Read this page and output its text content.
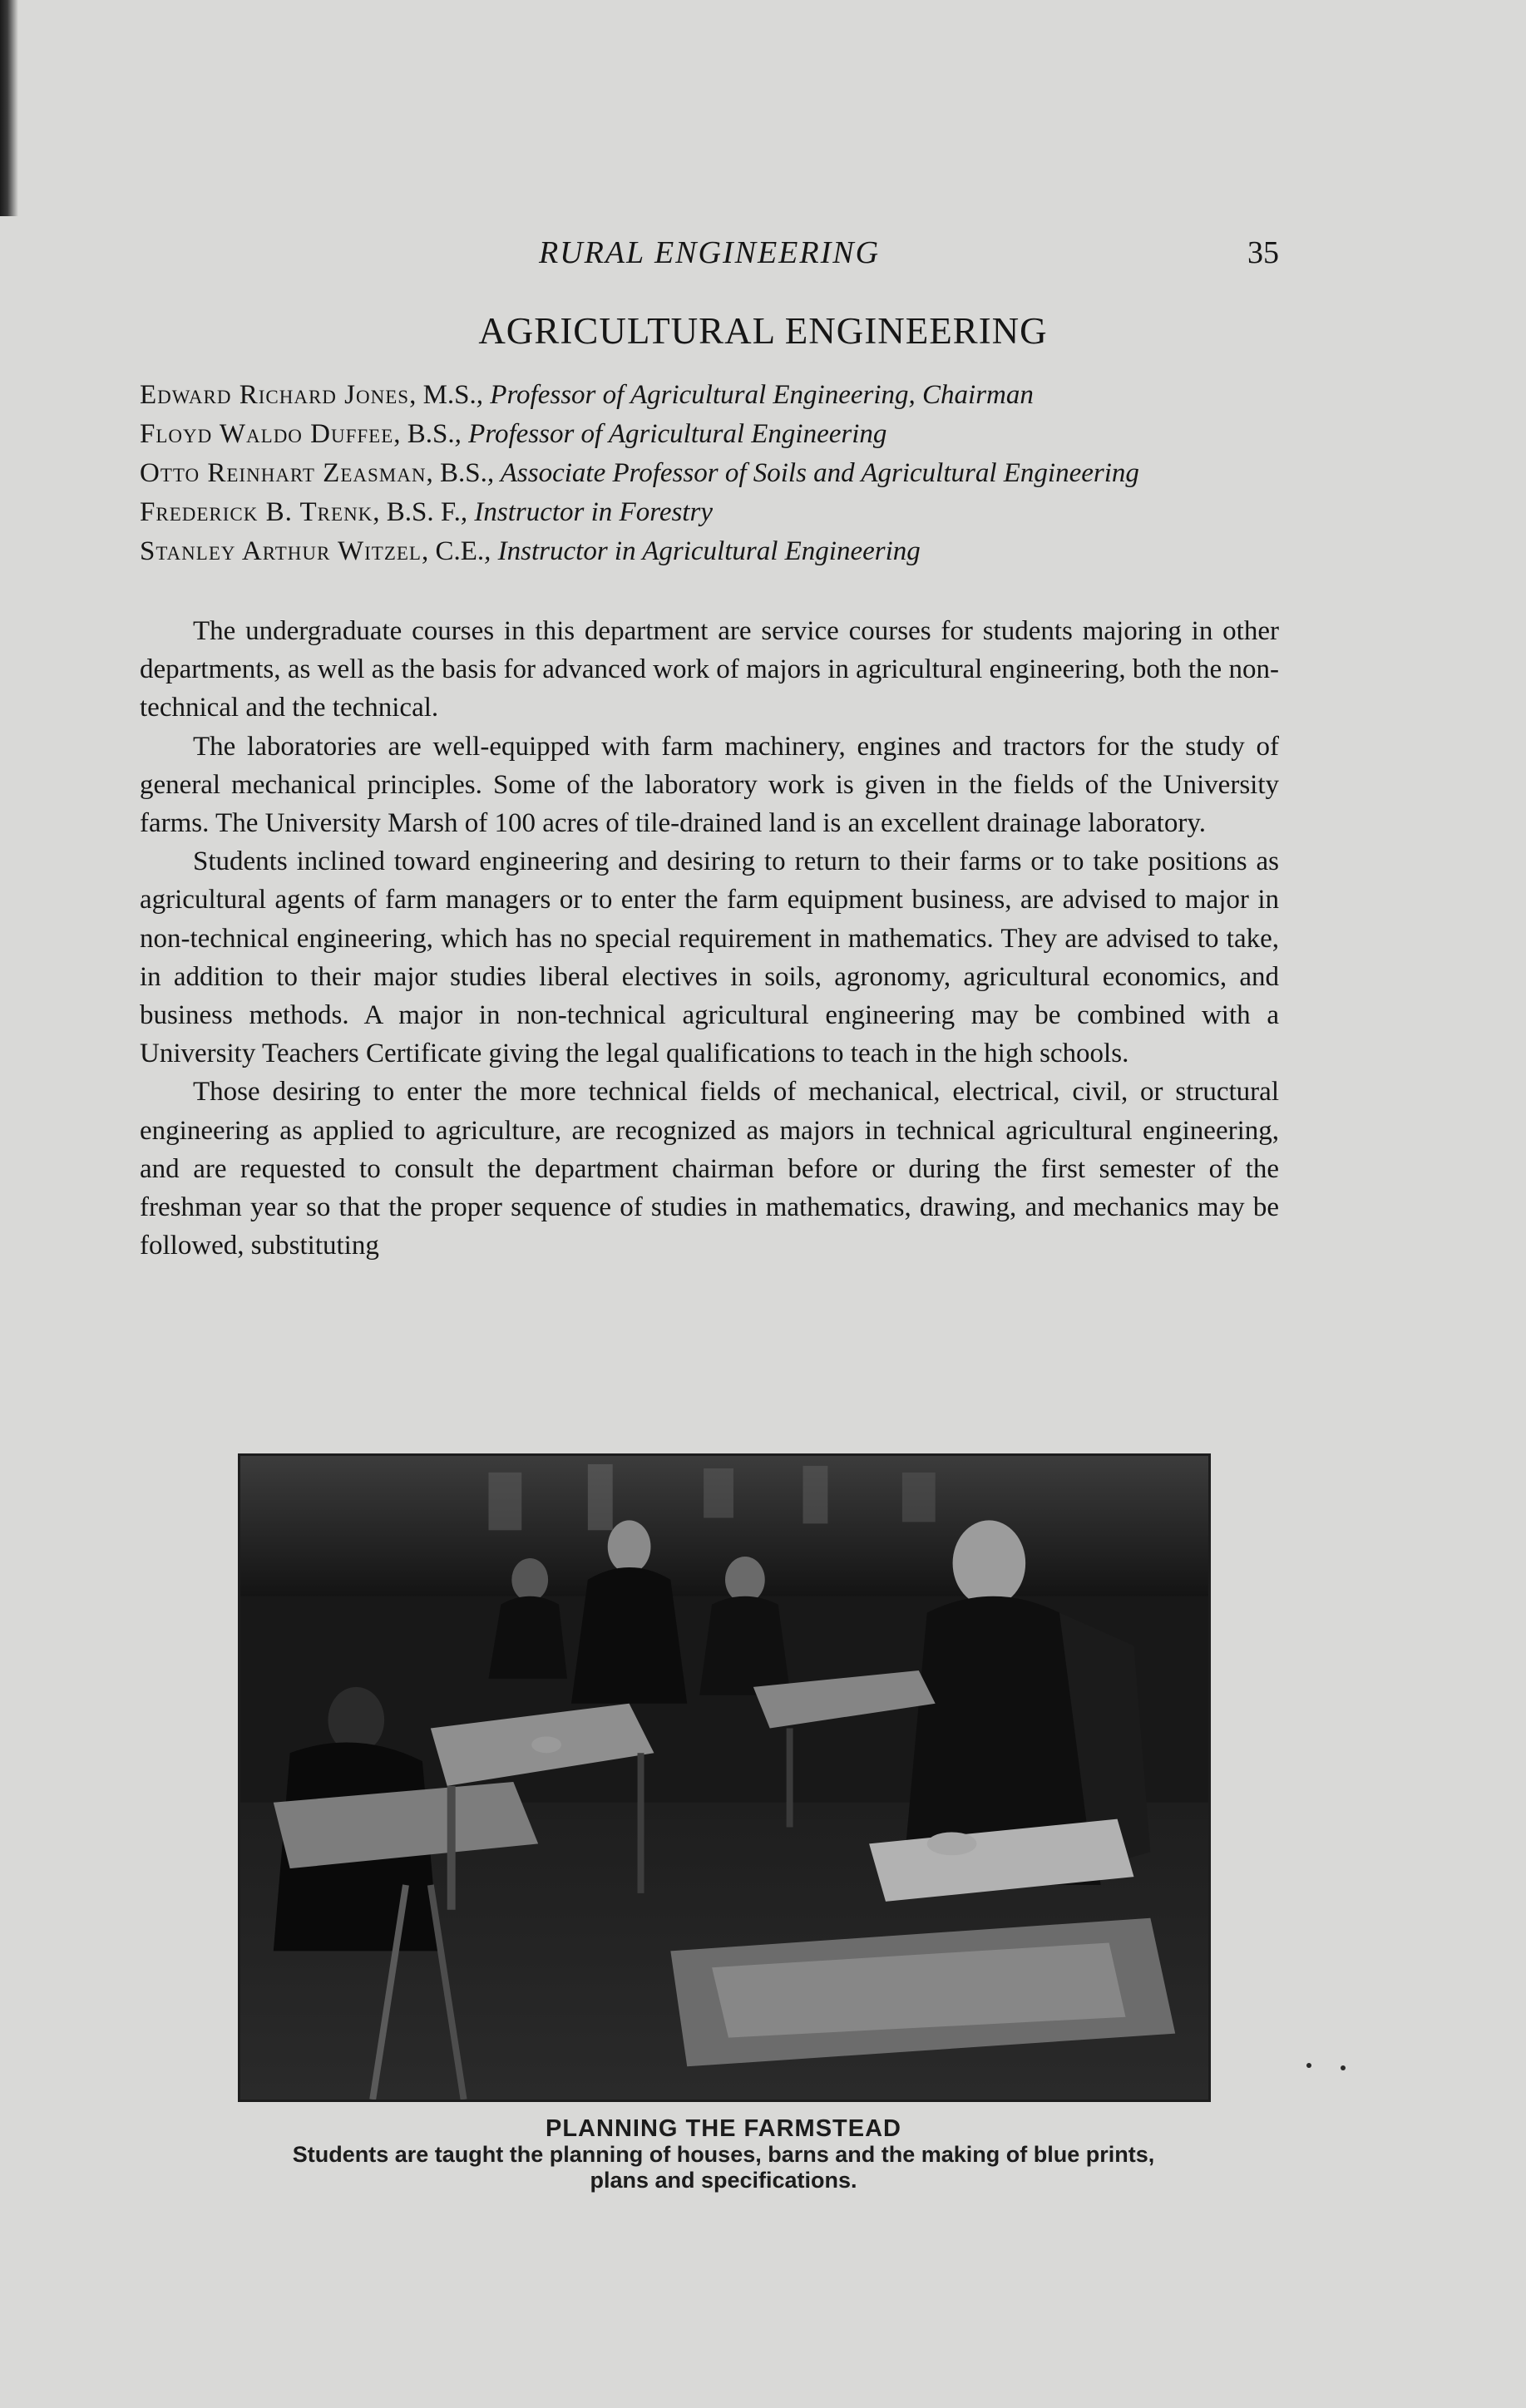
RURAL ENGINEERING	35
AGRICULTURAL ENGINEERING

Edward Richard Jones, M.S., Professor of Agricultural Engineering, Chairman

Floyd Waldo Duffee, B.S., Professor of Agricultural Engineering

Otto Reinhart Zeasman, B.S., Associate Professor of Soils and Agricultural Engineering

Frederick B. Trenk, B.S. F., Instructor in Forestry

Stanley Arthur Witzel, C.E., Instructor in Agricultural Engineering

The undergraduate courses in this department are service courses for students majoring in other departments, as well as the basis for advanced work of majors in agricultural engineering, both the non-technical and the technical.

The laboratories are well-equipped with farm machinery, engines and tractors for the study of general mechanical principles. Some of the laboratory work is given in the fields of the University farms. The University Marsh of 100 acres of tile-drained land is an excellent drainage laboratory.

Students inclined toward engineering and desiring to return to their farms or to take positions as agricultural agents of farm managers or to enter the farm equipment business, are advised to major in non-technical engineering, which has no special requirement in mathematics. They are advised to take, in addition to their major studies liberal electives in soils, agronomy, agricultural economics, and business methods. A major in non-technical agricultural engineering may be combined with a University Teachers Certificate giving the legal qualifications to teach in the high schools.

Those desiring to enter the more technical fields of mechanical, electrical, civil, or structural engineering as applied to agriculture, are recognized as majors in technical agricultural engineering, and are requested to consult the department chairman before or during the first semester of the freshman year so that the proper sequence of studies in mathematics, drawing, and mechanics may be followed, substituting

PLANNING THE FARMSTEAD
Students are taught the planning of houses, barns and the making of blue prints, plans and specifications.
